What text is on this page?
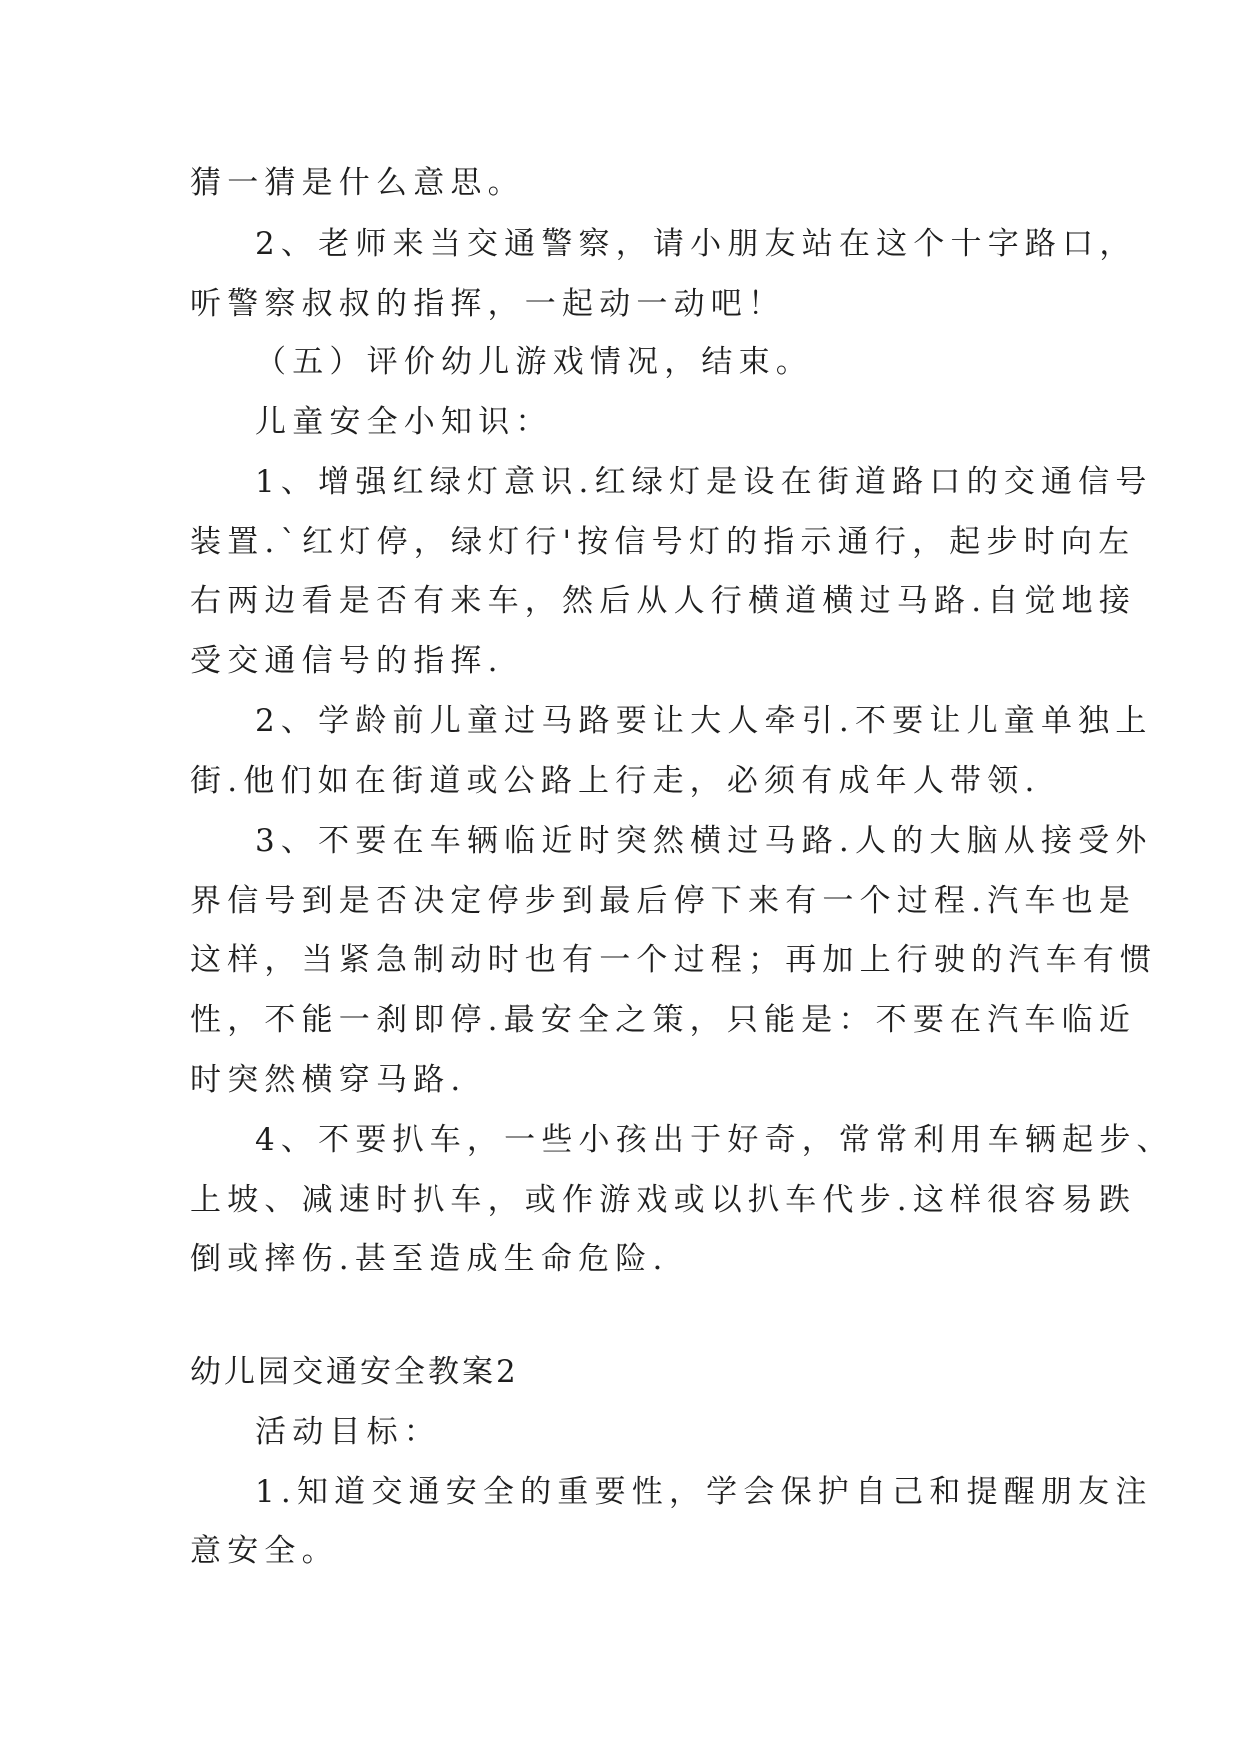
猜一猜是什么意思。
2、老师来当交通警察，请小朋友站在这个十字路口，
听警察叔叔的指挥，一起动一动吧！
（五）评价幼儿游戏情况，结束。
儿童安全小知识：
1、增强红绿灯意识.红绿灯是设在街道路口的交通信号
装置.`红灯停，绿灯行'按信号灯的指示通行，起步时向左
右两边看是否有来车，然后从人行横道横过马路.自觉地接
受交通信号的指挥.
2、学龄前儿童过马路要让大人牵引.不要让儿童单独上
街.他们如在街道或公路上行走，必须有成年人带领.
3、不要在车辆临近时突然横过马路.人的大脑从接受外
界信号到是否决定停步到最后停下来有一个过程.汽车也是
这样，当紧急制动时也有一个过程；再加上行驶的汽车有惯
性，不能一刹即停.最安全之策，只能是：不要在汽车临近
时突然横穿马路.
4、不要扒车，一些小孩出于好奇，常常利用车辆起步、
上坡、减速时扒车，或作游戏或以扒车代步.这样很容易跌
倒或摔伤.甚至造成生命危险.
幼儿园交通安全教案2
活动目标：
1.知道交通安全的重要性，学会保护自己和提醒朋友注
意安全。
